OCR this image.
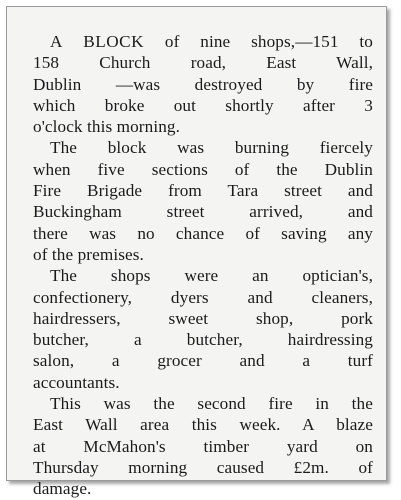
A BLOCK of nine shops,—151 to
158 Church road, East Wall,
Dublin —was destroyed by fire
which broke out shortly after 3
o'clock this morning.

The block was burning fiercely
when five sections of the Dublin
Fire Brigade from Tara street and
Buckingham street arrived, and
there was no chance of saving any
of the premises.

The shops were an optician's,
confectionery, dyers and cleaners,
hairdressers, sweet shop, pork
butcher, a butcher, hairdressing
salon, a grocer and a turf
accountants.

This was the second fire in the
East Wall area this week. A blaze
at McMahon's timber yard on
Thursday morning caused £2m. of
damage.
